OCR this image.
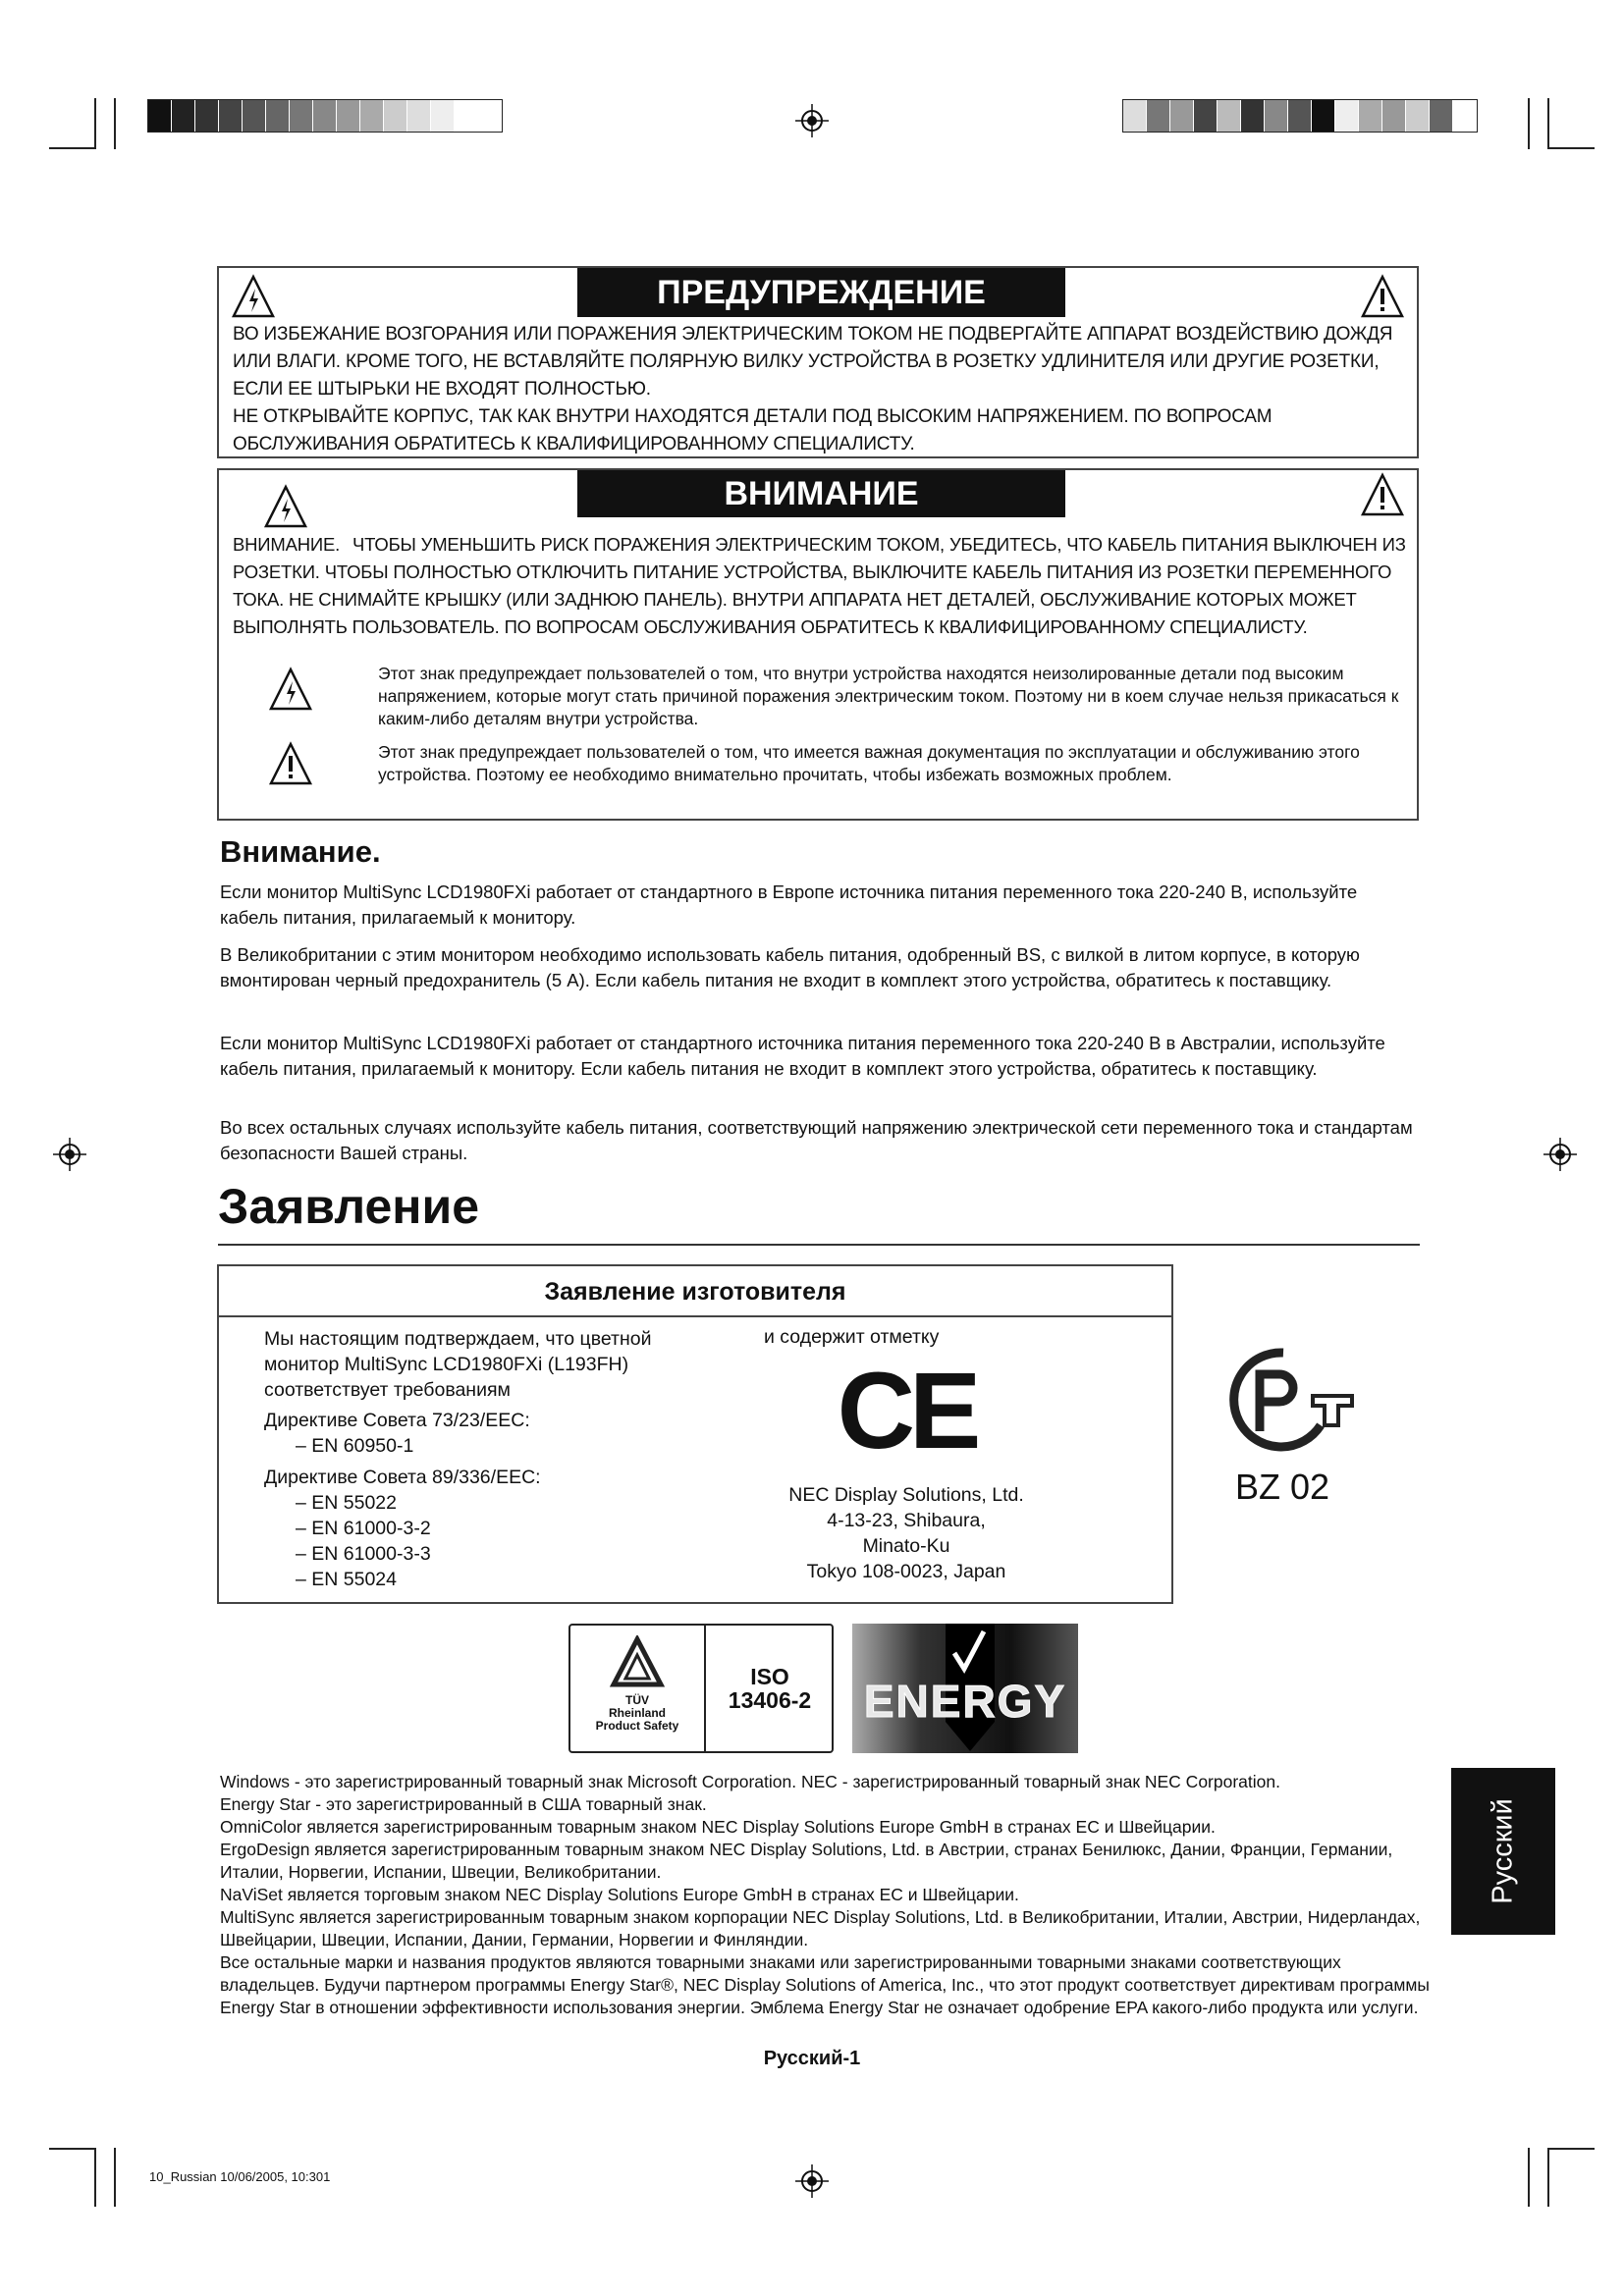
ПРЕДУПРЕЖДЕНИЕ
ВО ИЗБЕЖАНИЕ ВОЗГОРАНИЯ ИЛИ ПОРАЖЕНИЯ ЭЛЕКТРИЧЕСКИМ ТОКОМ НЕ ПОДВЕРГАЙТЕ АППАРАТ ВОЗДЕЙСТВИЮ ДОЖДЯ ИЛИ ВЛАГИ. КРОМЕ ТОГО, НЕ ВСТАВЛЯЙТЕ ПОЛЯРНУЮ ВИЛКУ УСТРОЙСТВА В РОЗЕТКУ УДЛИНИТЕЛЯ ИЛИ ДРУГИЕ РОЗЕТКИ, ЕСЛИ ЕЕ ШТЫРЬКИ НЕ ВХОДЯТ ПОЛНОСТЬЮ.
НЕ ОТКРЫВАЙТЕ КОРПУС, ТАК КАК ВНУТРИ НАХОДЯТСЯ ДЕТАЛИ ПОД ВЫСОКИМ НАПРЯЖЕНИЕМ. ПО ВОПРОСАМ ОБСЛУЖИВАНИЯ ОБРАТИТЕСЬ К КВАЛИФИЦИРОВАННОМУ СПЕЦИАЛИСТУ.
ВНИМАНИЕ
ВНИМАНИЕ. ЧТОБЫ УМЕНЬШИТЬ РИСК ПОРАЖЕНИЯ ЭЛЕКТРИЧЕСКИМ ТОКОМ, УБЕДИТЕСЬ, ЧТО КАБЕЛЬ ПИТАНИЯ ВЫКЛЮЧЕН ИЗ РОЗЕТКИ. ЧТОБЫ ПОЛНОСТЬЮ ОТКЛЮЧИТЬ ПИТАНИЕ УСТРОЙСТВА, ВЫКЛЮЧИТЕ КАБЕЛЬ ПИТАНИЯ ИЗ РОЗЕТКИ ПЕРЕМЕННОГО ТОКА. НЕ СНИМАЙТЕ КРЫШКУ (ИЛИ ЗАДНЮЮ ПАНЕЛЬ). ВНУТРИ АППАРАТА НЕТ ДЕТАЛЕЙ, ОБСЛУЖИВАНИЕ КОТОРЫХ МОЖЕТ ВЫПОЛНЯТЬ ПОЛЬЗОВАТЕЛЬ. ПО ВОПРОСАМ ОБСЛУЖИВАНИЯ ОБРАТИТЕСЬ К КВАЛИФИЦИРОВАННОМУ СПЕЦИАЛИСТУ.
Этот знак предупреждает пользователей о том, что внутри устройства находятся неизолированные детали под высоким напряжением, которые могут стать причиной поражения электрическим током. Поэтому ни в коем случае нельзя прикасаться к каким-либо деталям внутри устройства.
Этот знак предупреждает пользователей о том, что имеется важная документация по эксплуатации и обслуживанию этого устройства. Поэтому ее необходимо внимательно прочитать, чтобы избежать возможных проблем.
Внимание.
Если монитор MultiSync LCD1980FXi работает от стандартного в Европе источника питания переменного тока 220-240 В, используйте кабель питания, прилагаемый к монитору.
В Великобритании с этим монитором необходимо использовать кабель питания, одобренный BS, с вилкой в литом корпусе, в которую вмонтирован черный предохранитель (5 А). Если кабель питания не входит в комплект этого устройства, обратитесь к поставщику.
Если монитор MultiSync LCD1980FXi работает от стандартного источника питания переменного тока 220-240 В в Австралии, используйте кабель питания, прилагаемый к монитору. Если кабель питания не входит в комплект этого устройства, обратитесь к поставщику.
Во всех остальных случаях используйте кабель питания, соответствующий напряжению электрической сети переменного тока и стандартам безопасности Вашей страны.
Заявление
Заявление изготовителя
Мы настоящим подтверждаем, что цветной монитор MultiSync LCD1980FXi (L193FH) соответствует требованиям
Директиве Совета 73/23/EEC:
– EN 60950-1
Директиве Совета 89/336/EEC:
– EN 55022
– EN 61000-3-2
– EN 61000-3-3
– EN 55024
и содержит отметку
CE
NEC Display Solutions, Ltd.
4-13-23, Shibaura,
Minato-Ku
Tokyo 108-0023, Japan
BZ 02
TÜV
Rheinland
Product Safety
ISO
13406-2	ENERGY
Windows - это зарегистрированный товарный знак Microsoft Corporation. NEC - зарегистрированный товарный знак NEC Corporation.
Energy Star - это зарегистрированный в США товарный знак.
OmniColor является зарегистрированным товарным знаком NEC Display Solutions Europe GmbH в странах ЕС и Швейцарии.
ErgoDesign является зарегистрированным товарным знаком NEC Display Solutions, Ltd. в Австрии, странах Бенилюкс, Дании, Франции, Германии, Италии, Норвегии, Испании, Швеции, Великобритании.
NaViSet является торговым знаком NEC Display Solutions Europe GmbH в странах ЕС и Швейцарии.
MultiSync является зарегистрированным товарным знаком корпорации NEC Display Solutions, Ltd. в Великобритании, Италии, Австрии, Нидерландах, Швейцарии, Швеции, Испании, Дании, Германии, Норвегии и Финляндии.
Все остальные марки и названия продуктов являются товарными знаками или зарегистрированными товарными знаками соответствующих владельцев. Будучи партнером программы Energy Star®, NEC Display Solutions of America, Inc., что этот продукт соответствует директивам программы Energy Star в отношении эффективности использования энергии. Эмблема Energy Star не означает одобрение EPA какого-либо продукта или услуги.
Русский-1
Русский
10_Russian 10/06/2005, 10:301
